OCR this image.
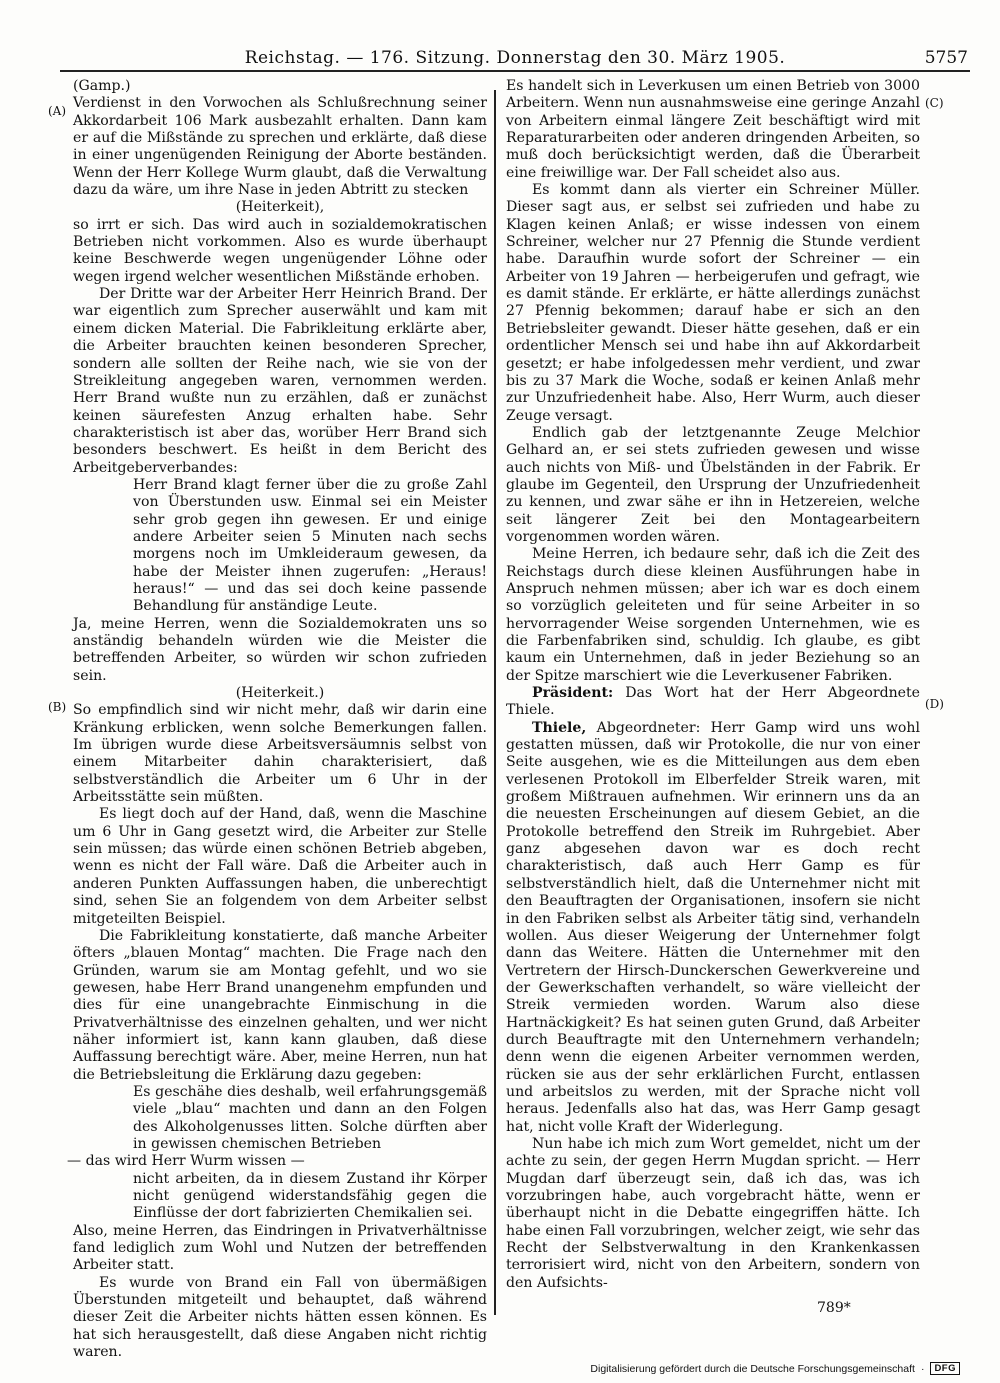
Reichstag. — 176. Sitzung. Donnerstag den 30. März 1905.	5757
(A)
(B)
(C)
(D)

(Gamp.)

Verdienst in den Vorwochen als Schlußrechnung seiner Akkordarbeit 106 Mark ausbezahlt erhalten. Dann kam er auf die Mißstände zu sprechen und erklärte, daß diese in einer ungenügenden Reinigung der Aborte beständen. Wenn der Herr Kollege Wurm glaubt, daß die Verwaltung dazu da wäre, um ihre Nase in jeden Abtritt zu stecken

(Heiterkeit),

so irrt er sich. Das wird auch in sozialdemokratischen Betrieben nicht vorkommen. Also es wurde überhaupt keine Beschwerde wegen ungenügender Löhne oder wegen irgend welcher wesentlichen Mißstände erhoben.

Der Dritte war der Arbeiter Herr Heinrich Brand. Der war eigentlich zum Sprecher auserwählt und kam mit einem dicken Material. Die Fabrikleitung erklärte aber, die Arbeiter brauchten keinen besonderen Sprecher, sondern alle sollten der Reihe nach, wie sie von der Streikleitung angegeben waren, vernommen werden. Herr Brand wußte nun zu erzählen, daß er zunächst keinen säurefesten Anzug erhalten habe. Sehr charakteristisch ist aber das, worüber Herr Brand sich besonders beschwert. Es heißt in dem Bericht des Arbeitgeberverbandes:

Herr Brand klagt ferner über die zu große Zahl von Überstunden usw. Einmal sei ein Meister sehr grob gegen ihn gewesen. Er und einige andere Arbeiter seien 5 Minuten nach sechs morgens noch im Umkleideraum gewesen, da habe der Meister ihnen zugerufen: „Heraus! heraus!“ — und das sei doch keine passende Behandlung für anständige Leute.

Ja, meine Herren, wenn die Sozialdemokraten uns so anständig behandeln würden wie die Meister die betreffenden Arbeiter, so würden wir schon zufrieden sein.

(Heiterkeit.)

So empfindlich sind wir nicht mehr, daß wir darin eine Kränkung erblicken, wenn solche Bemerkungen fallen. Im übrigen wurde diese Arbeitsversäumnis selbst von einem Mitarbeiter dahin charakterisiert, daß selbstverständlich die Arbeiter um 6 Uhr in der Arbeitsstätte sein müßten.

Es liegt doch auf der Hand, daß, wenn die Maschine um 6 Uhr in Gang gesetzt wird, die Arbeiter zur Stelle sein müssen; das würde einen schönen Betrieb abgeben, wenn es nicht der Fall wäre. Daß die Arbeiter auch in anderen Punkten Auffassungen haben, die unberechtigt sind, sehen Sie an folgendem von dem Arbeiter selbst mitgeteilten Beispiel.

Die Fabrikleitung konstatierte, daß manche Arbeiter öfters „blauen Montag“ machten. Die Frage nach den Gründen, warum sie am Montag gefehlt, und wo sie gewesen, habe Herr Brand unangenehm empfunden und dies für eine unangebrachte Einmischung in die Privatverhältnisse des einzelnen gehalten, und wer nicht näher informiert ist, kann kann glauben, daß diese Auffassung berechtigt wäre. Aber, meine Herren, nun hat die Betriebsleitung die Erklärung dazu gegeben:

Es geschähe dies deshalb, weil erfahrungsgemäß viele „blau“ machten und dann an den Folgen des Alkoholgenusses litten. Solche dürften aber in gewissen chemischen Betrieben

— das wird Herr Wurm wissen —

nicht arbeiten, da in diesem Zustand ihr Körper nicht genügend widerstandsfähig gegen die Einflüsse der dort fabrizierten Chemikalien sei.

Also, meine Herren, das Eindringen in Privatverhältnisse fand lediglich zum Wohl und Nutzen der betreffenden Arbeiter statt.

Es wurde von Brand ein Fall von übermäßigen Überstunden mitgeteilt und behauptet, daß während dieser Zeit die Arbeiter nichts hätten essen können. Es hat sich herausgestellt, daß diese Angaben nicht richtig waren.

Es handelt sich in Leverkusen um einen Betrieb von 3000 Arbeitern. Wenn nun ausnahmsweise eine geringe Anzahl von Arbeitern einmal längere Zeit beschäftigt wird mit Reparaturarbeiten oder anderen dringenden Arbeiten, so muß doch berücksichtigt werden, daß die Überarbeit eine freiwillige war. Der Fall scheidet also aus.

Es kommt dann als vierter ein Schreiner Müller. Dieser sagt aus, er selbst sei zufrieden und habe zu Klagen keinen Anlaß; er wisse indessen von einem Schreiner, welcher nur 27 Pfennig die Stunde verdient habe. Daraufhin wurde sofort der Schreiner — ein Arbeiter von 19 Jahren — herbeigerufen und gefragt, wie es damit stände. Er erklärte, er hätte allerdings zunächst 27 Pfennig bekommen; darauf habe er sich an den Betriebsleiter gewandt. Dieser hätte gesehen, daß er ein ordentlicher Mensch sei und habe ihn auf Akkordarbeit gesetzt; er habe infolgedessen mehr verdient, und zwar bis zu 37 Mark die Woche, sodaß er keinen Anlaß mehr zur Unzufriedenheit habe. Also, Herr Wurm, auch dieser Zeuge versagt.

Endlich gab der letztgenannte Zeuge Melchior Gelhard an, er sei stets zufrieden gewesen und wisse auch nichts von Miß- und Übelständen in der Fabrik. Er glaube im Gegenteil, den Ursprung der Unzufriedenheit zu kennen, und zwar sähe er ihn in Hetzereien, welche seit längerer Zeit bei den Montagearbeitern vorgenommen worden wären.

Meine Herren, ich bedaure sehr, daß ich die Zeit des Reichstags durch diese kleinen Ausführungen habe in Anspruch nehmen müssen; aber ich war es doch einem so vorzüglich geleiteten und für seine Arbeiter in so hervorragender Weise sorgenden Unternehmen, wie es die Farbenfabriken sind, schuldig. Ich glaube, es gibt kaum ein Unternehmen, daß in jeder Beziehung so an der Spitze marschiert wie die Leverkusener Fabriken.

Präsident: Das Wort hat der Herr Abgeordnete Thiele.

Thiele, Abgeordneter: Herr Gamp wird uns wohl gestatten müssen, daß wir Protokolle, die nur von einer Seite ausgehen, wie es die Mitteilungen aus dem eben verlesenen Protokoll im Elberfelder Streik waren, mit großem Mißtrauen aufnehmen. Wir erinnern uns da an die neuesten Erscheinungen auf diesem Gebiet, an die Protokolle betreffend den Streik im Ruhrgebiet. Aber ganz abgesehen davon war es doch recht charakteristisch, daß auch Herr Gamp es für selbstverständlich hielt, daß die Unternehmer nicht mit den Beauftragten der Organisationen, insofern sie nicht in den Fabriken selbst als Arbeiter tätig sind, verhandeln wollen. Aus dieser Weigerung der Unternehmer folgt dann das Weitere. Hätten die Unternehmer mit den Vertretern der Hirsch-Dunckerschen Gewerkvereine und der Gewerkschaften verhandelt, so wäre vielleicht der Streik vermieden worden. Warum also diese Hartnäckigkeit? Es hat seinen guten Grund, daß Arbeiter durch Beauftragte mit den Unternehmern verhandeln; denn wenn die eigenen Arbeiter vernommen werden, rücken sie aus der sehr erklärlichen Furcht, entlassen und arbeitslos zu werden, mit der Sprache nicht voll heraus. Jedenfalls also hat das, was Herr Gamp gesagt hat, nicht volle Kraft der Widerlegung.

Nun habe ich mich zum Wort gemeldet, nicht um der achte zu sein, der gegen Herrn Mugdan spricht. — Herr Mugdan darf überzeugt sein, daß ich das, was ich vorzubringen habe, auch vorgebracht hätte, wenn er überhaupt nicht in die Debatte eingegriffen hätte. Ich habe einen Fall vorzubringen, welcher zeigt, wie sehr das Recht der Selbstverwaltung in den Krankenkassen terrorisiert wird, nicht von den Arbeitern, sondern von den Aufsichts-

789*
Digitalisierung gefördert durch die Deutsche Forschungsgemeinschaft ·	DFG
